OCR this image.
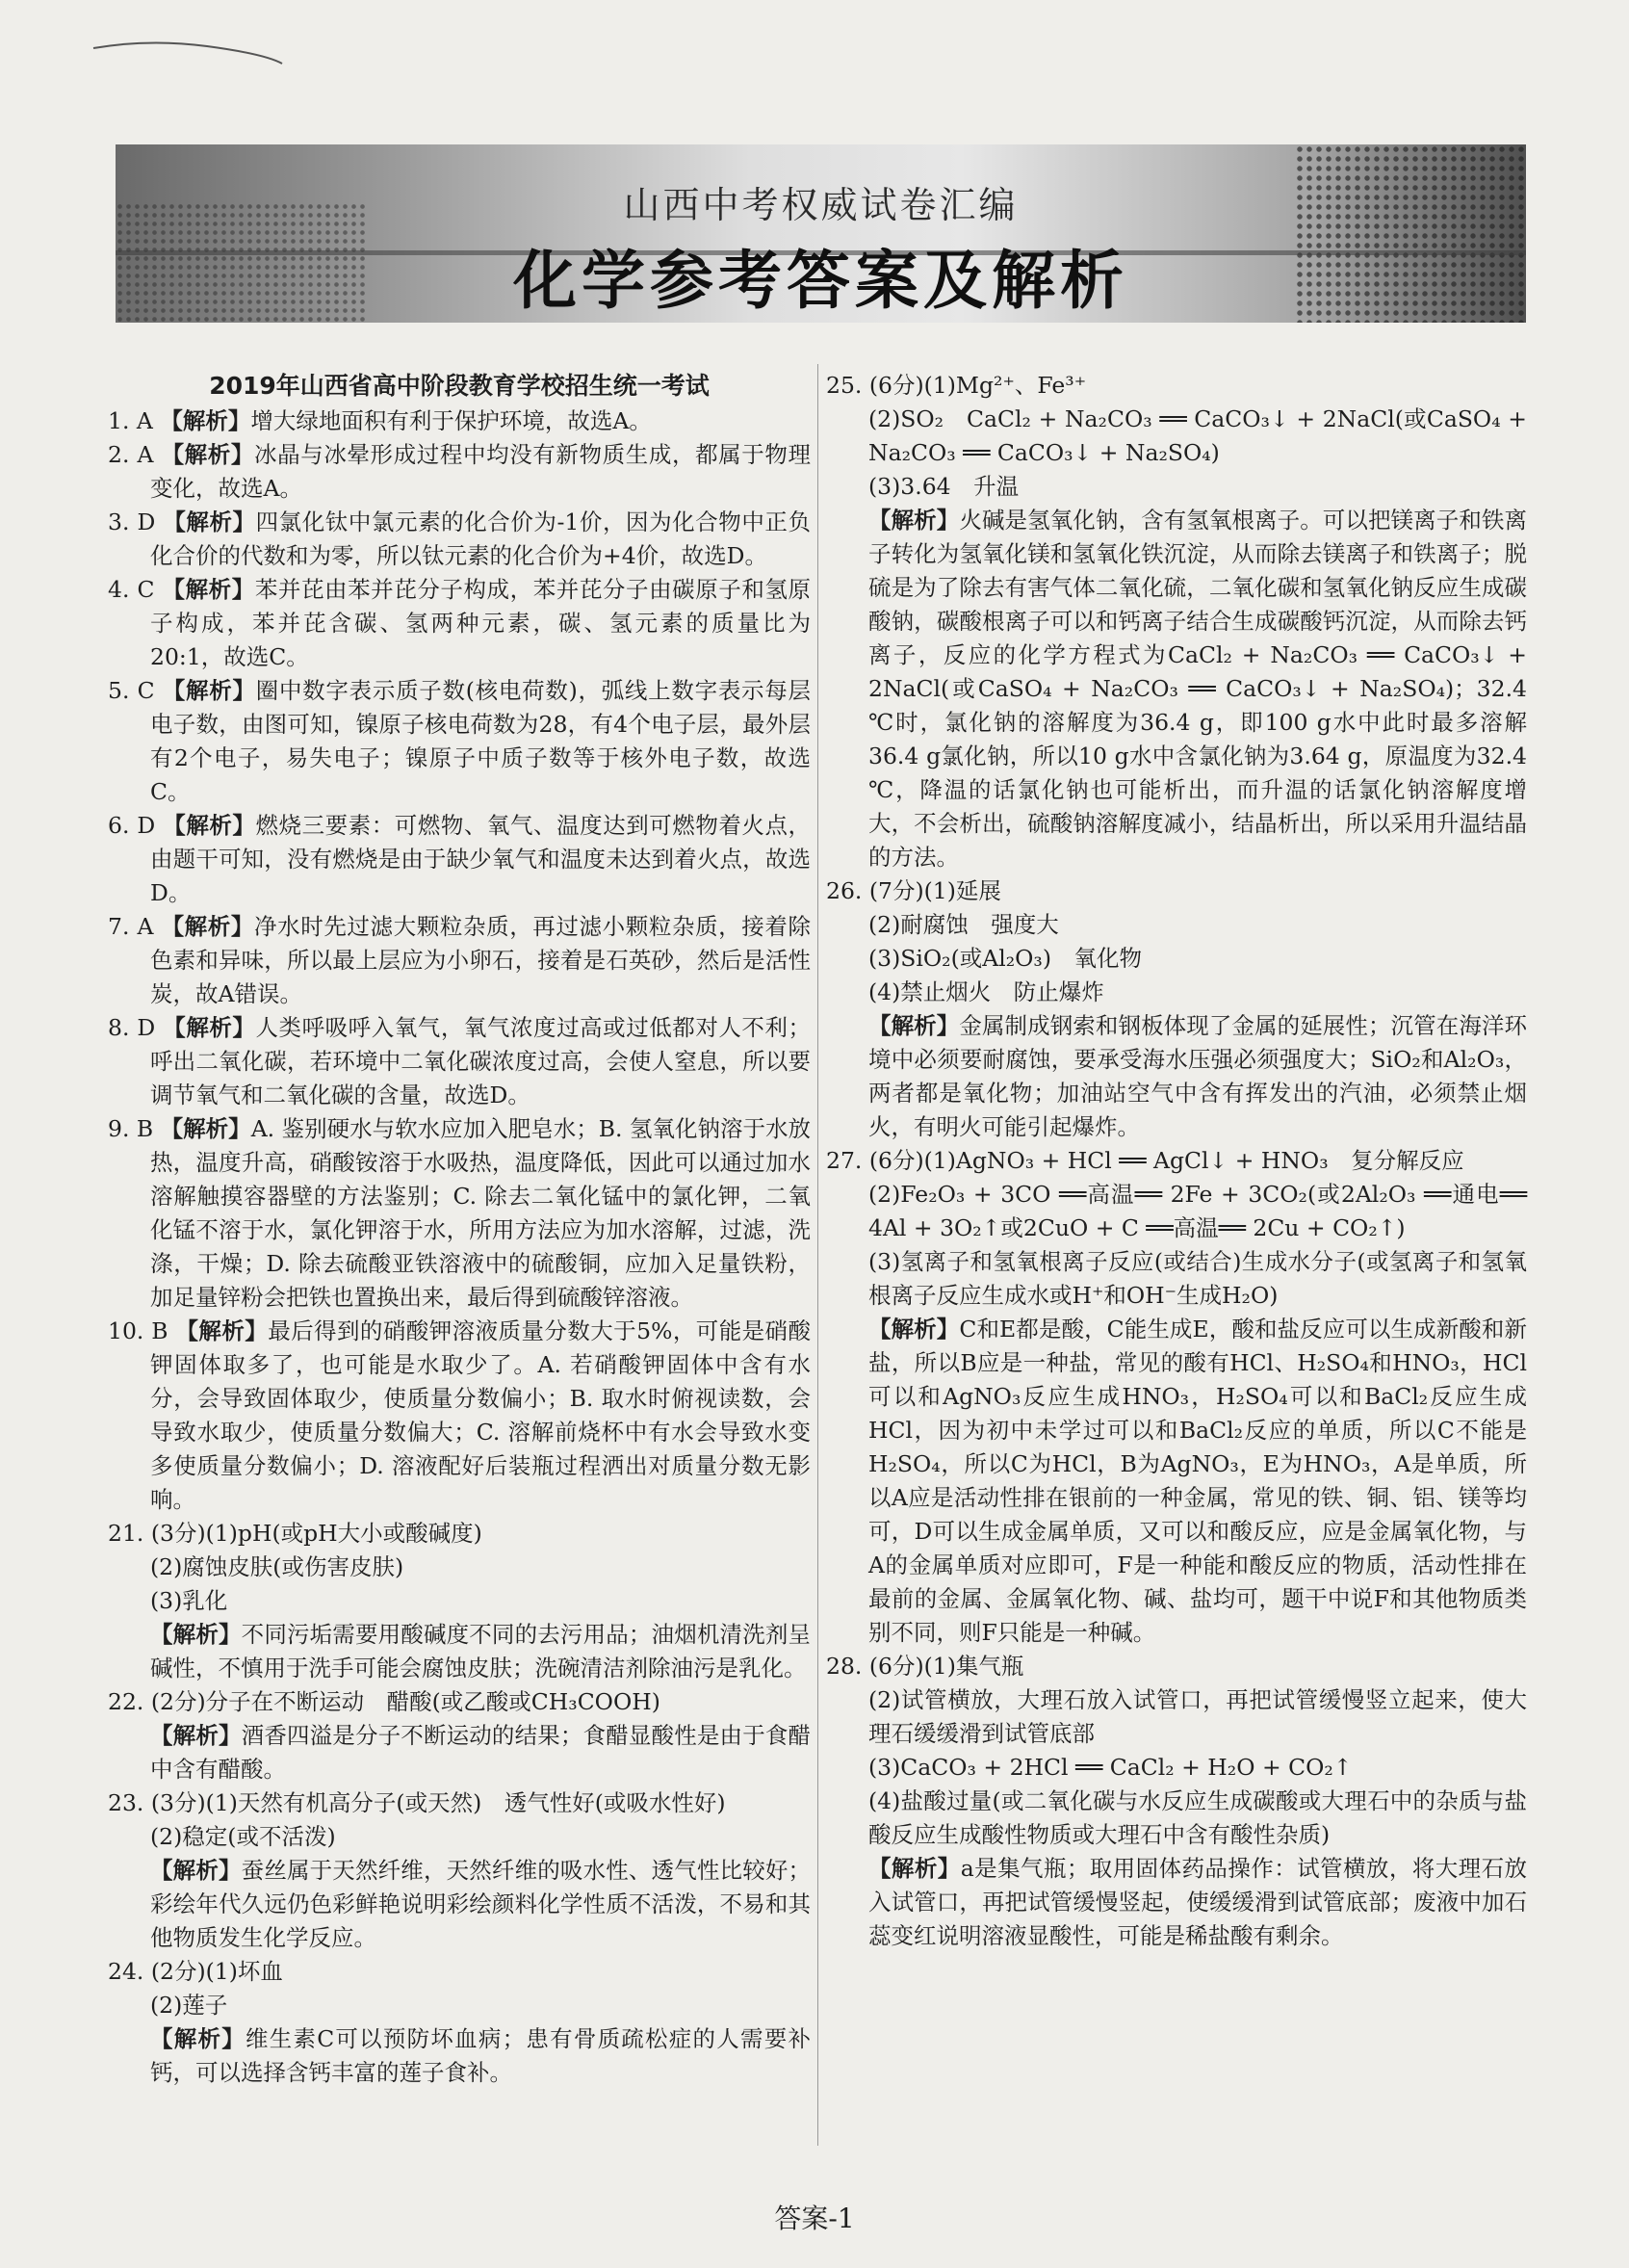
山西中考权威试卷汇编
化学参考答案及解析
2019年山西省高中阶段教育学校招生统一考试

1. A 【解析】增大绿地面积有利于保护环境，故选A。

2. A 【解析】冰晶与冰晕形成过程中均没有新物质生成，都属于物理变化，故选A。

3. D 【解析】四氯化钛中氯元素的化合价为-1价，因为化合物中正负化合价的代数和为零，所以钛元素的化合价为+4价，故选D。

4. C 【解析】苯并芘由苯并芘分子构成，苯并芘分子由碳原子和氢原子构成，苯并芘含碳、氢两种元素，碳、氢元素的质量比为20:1，故选C。

5. C 【解析】圈中数字表示质子数(核电荷数)，弧线上数字表示每层电子数，由图可知，镍原子核电荷数为28，有4个电子层，最外层有2个电子，易失电子；镍原子中质子数等于核外电子数，故选C。

6. D 【解析】燃烧三要素：可燃物、氧气、温度达到可燃物着火点，由题干可知，没有燃烧是由于缺少氧气和温度未达到着火点，故选D。

7. A 【解析】净水时先过滤大颗粒杂质，再过滤小颗粒杂质，接着除色素和异味，所以最上层应为小卵石，接着是石英砂，然后是活性炭，故A错误。

8. D 【解析】人类呼吸呼入氧气，氧气浓度过高或过低都对人不利；呼出二氧化碳，若环境中二氧化碳浓度过高，会使人窒息，所以要调节氧气和二氧化碳的含量，故选D。

9. B 【解析】A. 鉴别硬水与软水应加入肥皂水；B. 氢氧化钠溶于水放热，温度升高，硝酸铵溶于水吸热，温度降低，因此可以通过加水溶解触摸容器壁的方法鉴别；C. 除去二氧化锰中的氯化钾，二氧化锰不溶于水，氯化钾溶于水，所用方法应为加水溶解，过滤，洗涤，干燥；D. 除去硫酸亚铁溶液中的硫酸铜，应加入足量铁粉，加足量锌粉会把铁也置换出来，最后得到硫酸锌溶液。

10. B 【解析】最后得到的硝酸钾溶液质量分数大于5%，可能是硝酸钾固体取多了，也可能是水取少了。A. 若硝酸钾固体中含有水分，会导致固体取少，使质量分数偏小；B. 取水时俯视读数，会导致水取少，使质量分数偏大；C. 溶解前烧杯中有水会导致水变多使质量分数偏小；D. 溶液配好后装瓶过程洒出对质量分数无影响。

21. (3分)(1)pH(或pH大小或酸碱度)

(2)腐蚀皮肤(或伤害皮肤)

(3)乳化

【解析】不同污垢需要用酸碱度不同的去污用品；油烟机清洗剂呈碱性，不慎用于洗手可能会腐蚀皮肤；洗碗清洁剂除油污是乳化。

22. (2分)分子在不断运动　醋酸(或乙酸或CH₃COOH)

【解析】酒香四溢是分子不断运动的结果；食醋显酸性是由于食醋中含有醋酸。

23. (3分)(1)天然有机高分子(或天然)　透气性好(或吸水性好)

(2)稳定(或不活泼)

【解析】蚕丝属于天然纤维，天然纤维的吸水性、透气性比较好；彩绘年代久远仍色彩鲜艳说明彩绘颜料化学性质不活泼，不易和其他物质发生化学反应。

24. (2分)(1)坏血

(2)莲子

【解析】维生素C可以预防坏血病；患有骨质疏松症的人需要补钙，可以选择含钙丰富的莲子食补。

25. (6分)(1)Mg²⁺、Fe³⁺

(2)SO₂　CaCl₂ + Na₂CO₃ ══ CaCO₃↓ + 2NaCl(或CaSO₄ + Na₂CO₃ ══ CaCO₃↓ + Na₂SO₄)

(3)3.64　升温

【解析】火碱是氢氧化钠，含有氢氧根离子。可以把镁离子和铁离子转化为氢氧化镁和氢氧化铁沉淀，从而除去镁离子和铁离子；脱硫是为了除去有害气体二氧化硫，二氧化碳和氢氧化钠反应生成碳酸钠，碳酸根离子可以和钙离子结合生成碳酸钙沉淀，从而除去钙离子，反应的化学方程式为CaCl₂ + Na₂CO₃ ══ CaCO₃↓ + 2NaCl(或CaSO₄ + Na₂CO₃ ══ CaCO₃↓ + Na₂SO₄)；32.4 ℃时，氯化钠的溶解度为36.4 g，即100 g水中此时最多溶解36.4 g氯化钠，所以10 g水中含氯化钠为3.64 g，原温度为32.4 ℃，降温的话氯化钠也可能析出，而升温的话氯化钠溶解度增大，不会析出，硫酸钠溶解度减小，结晶析出，所以采用升温结晶的方法。

26. (7分)(1)延展

(2)耐腐蚀　强度大

(3)SiO₂(或Al₂O₃)　氧化物

(4)禁止烟火　防止爆炸

【解析】金属制成钢索和钢板体现了金属的延展性；沉管在海洋环境中必须要耐腐蚀，要承受海水压强必须强度大；SiO₂和Al₂O₃，两者都是氧化物；加油站空气中含有挥发出的汽油，必须禁止烟火，有明火可能引起爆炸。

27. (6分)(1)AgNO₃ + HCl ══ AgCl↓ + HNO₃　复分解反应

(2)Fe₂O₃ + 3CO ══高温══ 2Fe + 3CO₂(或2Al₂O₃ ══通电══ 4Al + 3O₂↑或2CuO + C ══高温══ 2Cu + CO₂↑)

(3)氢离子和氢氧根离子反应(或结合)生成水分子(或氢离子和氢氧根离子反应生成水或H⁺和OH⁻生成H₂O)

【解析】C和E都是酸，C能生成E，酸和盐反应可以生成新酸和新盐，所以B应是一种盐，常见的酸有HCl、H₂SO₄和HNO₃，HCl可以和AgNO₃反应生成HNO₃，H₂SO₄可以和BaCl₂反应生成HCl，因为初中未学过可以和BaCl₂反应的单质，所以C不能是H₂SO₄，所以C为HCl，B为AgNO₃，E为HNO₃，A是单质，所以A应是活动性排在银前的一种金属，常见的铁、铜、铝、镁等均可，D可以生成金属单质，又可以和酸反应，应是金属氧化物，与A的金属单质对应即可，F是一种能和酸反应的物质，活动性排在最前的金属、金属氧化物、碱、盐均可，题干中说F和其他物质类别不同，则F只能是一种碱。

28. (6分)(1)集气瓶

(2)试管横放，大理石放入试管口，再把试管缓慢竖立起来，使大理石缓缓滑到试管底部

(3)CaCO₃ + 2HCl ══ CaCl₂ + H₂O + CO₂↑

(4)盐酸过量(或二氧化碳与水反应生成碳酸或大理石中的杂质与盐酸反应生成酸性物质或大理石中含有酸性杂质)

【解析】a是集气瓶；取用固体药品操作：试管横放，将大理石放入试管口，再把试管缓慢竖起，使缓缓滑到试管底部；废液中加石蕊变红说明溶液显酸性，可能是稀盐酸有剩余。

答案-1
